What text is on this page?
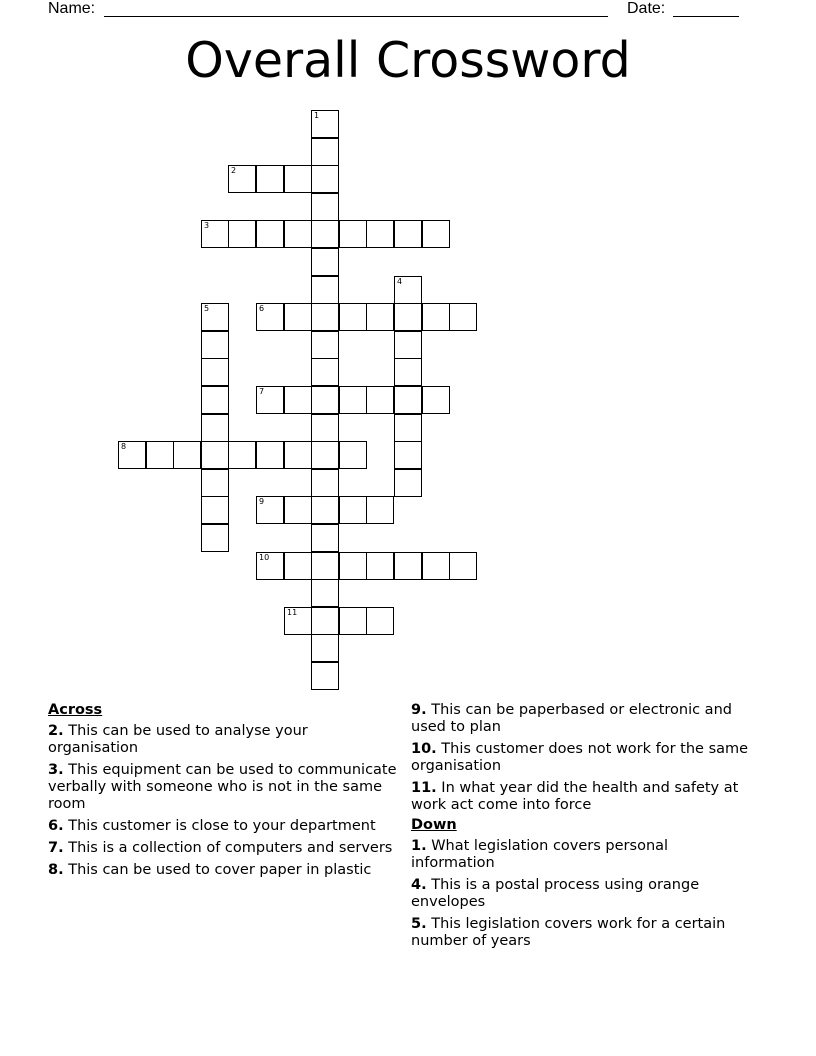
Name:	Date:
Overall Crossword
1
2
3
4
5	6
7
8
9
10
11
Across
2. This can be used to analyse your organisation
3. This equipment can be used to communicate verbally with someone who is not in the same room
6. This customer is close to your department
7. This is a collection of computers and servers
8. This can be used to cover paper in plastic
9. This can be paperbased or electronic and used to plan
10. This customer does not work for the same organisation
11. In what year did the health and safety at work act come into force
Down
1. What legislation covers personal information
4. This is a postal process using orange envelopes
5. This legislation covers work for a certain number of years
